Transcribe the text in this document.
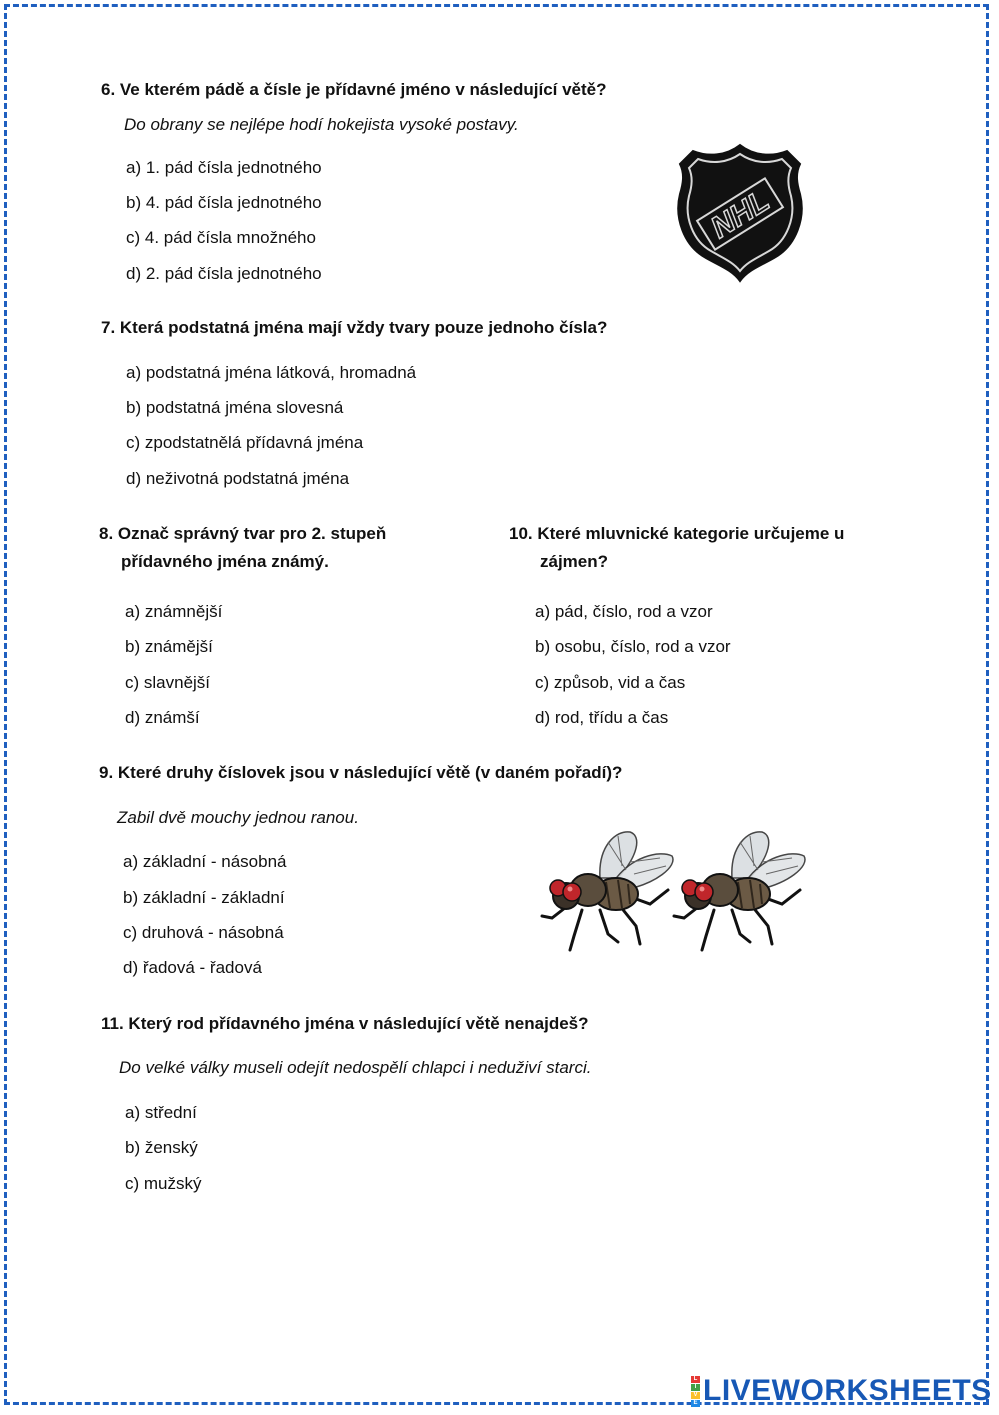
6. Ve kterém pádě a čísle je přídavné jméno v následující větě?
Do obrany se nejlépe hodí hokejista vysoké postavy.
a) 1. pád čísla jednotného
b) 4. pád čísla jednotného
c) 4. pád čísla množného
d) 2. pád čísla jednotného
NHL
7. Která podstatná jména mají vždy tvary pouze jednoho čísla?
a) podstatná jména látková, hromadná
b) podstatná jména slovesná
c) zpodstatnělá přídavná jména
d) neživotná podstatná jména
8. Označ správný tvar pro 2. stupeň
přídavného jména známý.
a) známnější
b) známější
c) slavnější
d) známší
10. Které mluvnické kategorie určujeme u
zájmen?
a) pád, číslo, rod a vzor
b) osobu, číslo, rod a vzor
c) způsob, vid a čas
d) rod, třídu a čas
9. Které druhy číslovek jsou v následující větě (v daném pořadí)?
Zabil dvě mouchy jednou ranou.
a) základní - násobná
b) základní - základní
c) druhová - násobná
d) řadová - řadová
11. Který rod přídavného jména v následující větě nenajdeš?
Do velké války museli odejít nedospělí chlapci i neduživí starci.
a) střední
b) ženský
c) mužský
L
I
V
E LIVEWORKSHEETS
